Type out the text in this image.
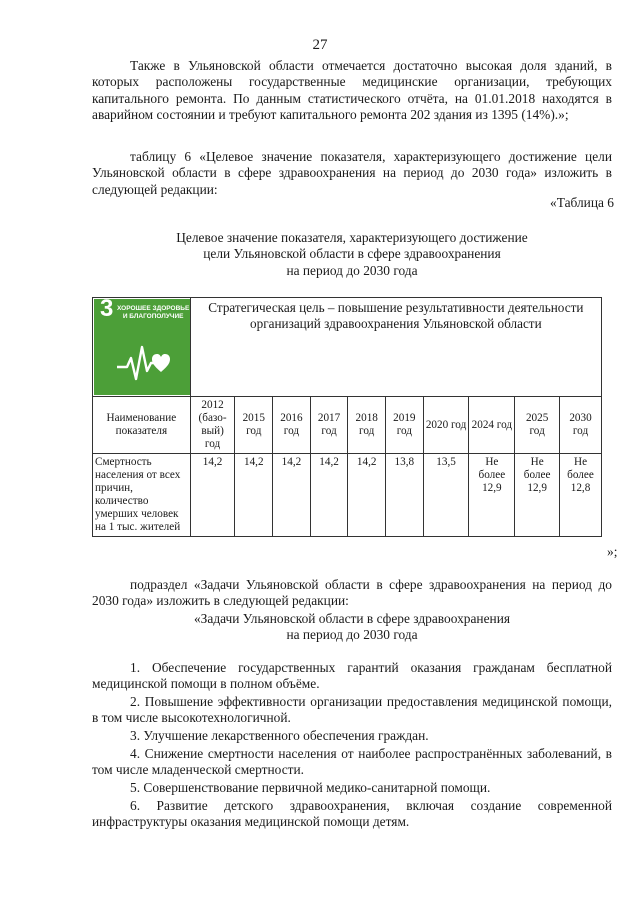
27
Также в Ульяновской области отмечается достаточно высокая доля зданий, в которых расположены государственные медицинские организации, требующих капитального ремонта. По данным статистического отчёта, на 01.01.2018 находятся в аварийном состоянии и требуют капитального ремонта 202 здания из 1395 (14%).»;
таблицу 6 «Целевое значение показателя, характеризующего достижение цели Ульяновской области в сфере здравоохранения на период до 2030 года» изложить в следующей редакции:
«Таблица 6
Целевое значение показателя, характеризующего достижение
цели Ульяновской области в сфере здравоохранения
на период до 2030 года
3 ХОРОШЕЕ ЗДОРОВЬЕ
И БЛАГОПОЛУЧИЕ	Стратегическая цель – повышение результативности деятельности организаций здравоохранения Ульяновской области									
Наименование показателя	2012 (базо-вый) год	2015 год	2016 год	2017 год	2018 год	2019 год	2020 год	2024 год	2025 год	2030 год
Смертность населения от всех причин, количество умерших человек на 1 тыс. жителей	14,2	14,2	14,2	14,2	14,2	13,8	13,5	Не более 12,9	Не более 12,9	Не более 12,8
»;
подраздел «Задачи Ульяновской области в сфере здравоохранения на период до 2030 года» изложить в следующей редакции:
«Задачи Ульяновской области в сфере здравоохранения
на период до 2030 года
1. Обеспечение государственных гарантий оказания гражданам бесплатной медицинской помощи в полном объёме.
2. Повышение эффективности организации предоставления медицинской помощи, в том числе высокотехнологичной.
3. Улучшение лекарственного обеспечения граждан.
4. Снижение смертности населения от наиболее распространённых заболеваний, в том числе младенческой смертности.
5. Совершенствование первичной медико-санитарной помощи.
6. Развитие детского здравоохранения, включая создание современной инфраструктуры оказания медицинской помощи детям.
